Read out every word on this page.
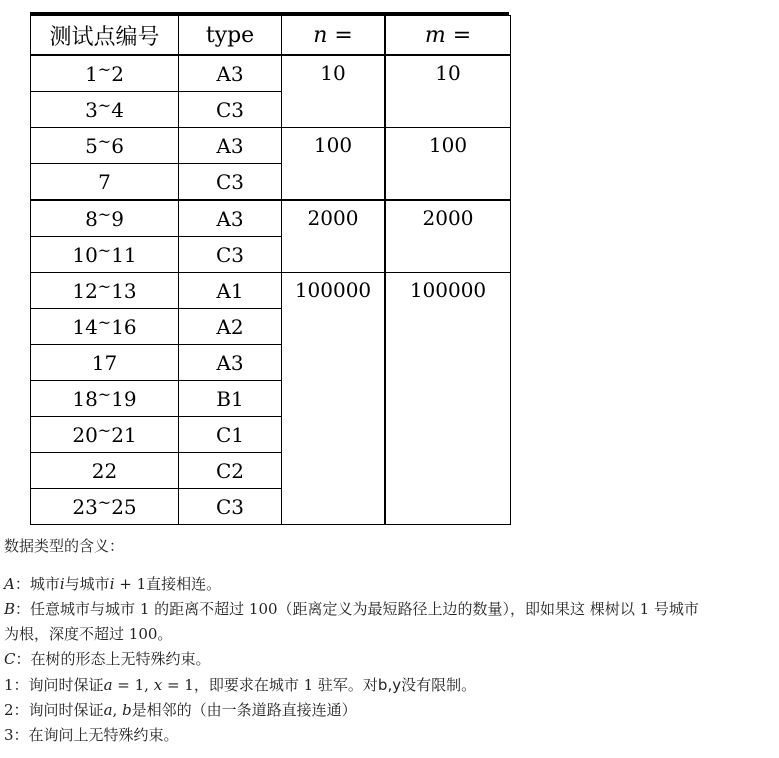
测试点编号	type	n =	m =
1~2	A3	10	10
3~4	C3		
5~6	A3	100	100
7	C3		
8~9	A3	2000	2000
10~11	C3		
12~13	A1	100000	100000
14~16	A2		
17	A3		
18~19	B1		
20~21	C1		
22	C2		
23~25	C3		
数据类型的含义：
A：城市i与城市i + 1直接相连。
B：任意城市与城市 1 的距离不超过 100（距离定义为最短路径上边的数量），即如果这 棵树以 1 号城市
为根，深度不超过 100。
C：在树的形态上无特殊约束。
1：询问时保证a = 1, x = 1，即要求在城市 1 驻军。对b,y没有限制。
2：询问时保证a, b是相邻的（由一条道路直接连通）
3：在询问上无特殊约束。
